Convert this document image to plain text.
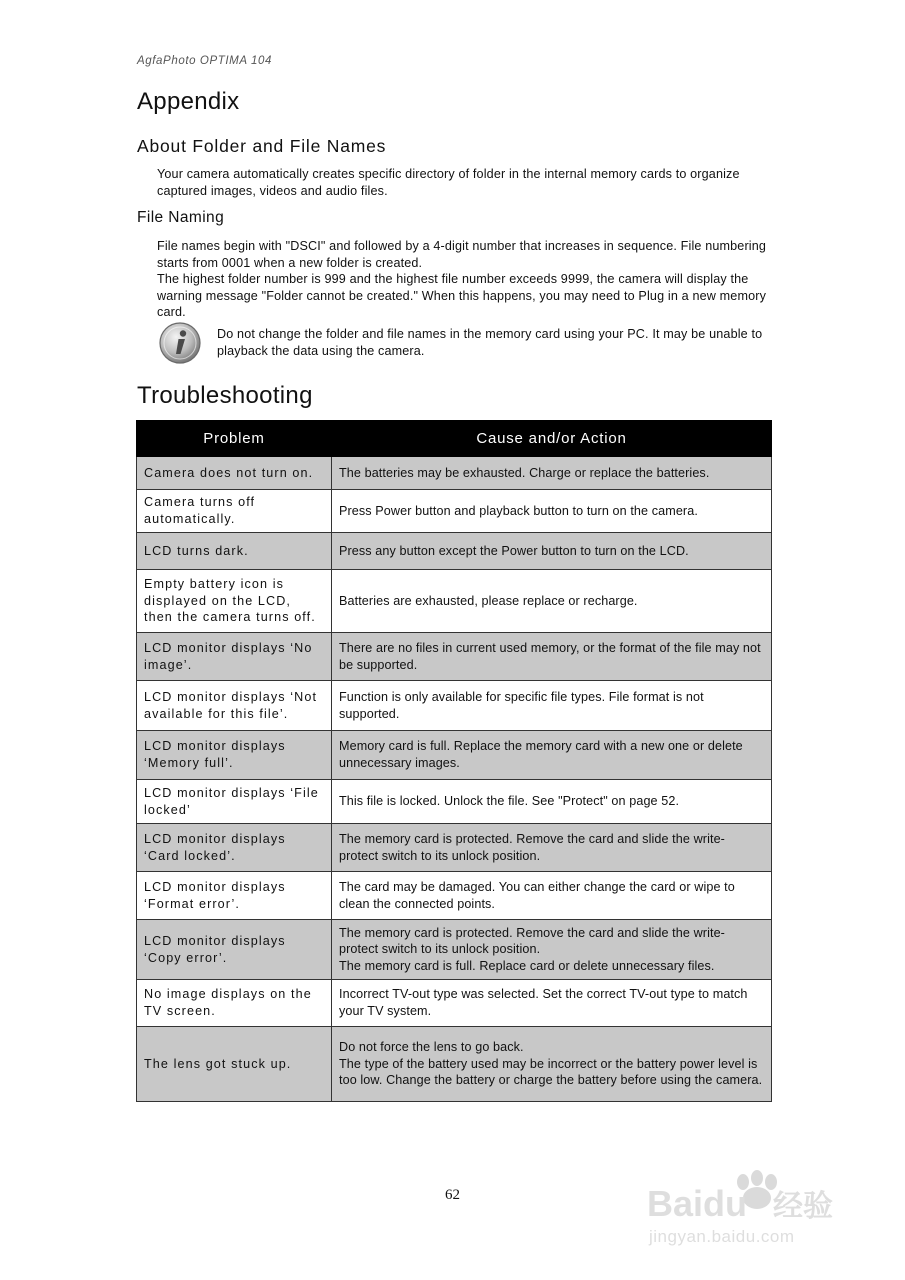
AgfaPhoto OPTIMA 104
Appendix
About Folder and File Names

Your camera automatically creates specific directory of folder in the internal memory cards to organize captured images, videos and audio files.

File Naming

File names begin with "DSCI" and followed by a 4-digit number that increases in sequence. File numbering starts from 0001 when a new folder is created.

The highest folder number is 999 and the highest file number exceeds 9999, the camera will display the warning message "Folder cannot be created." When this happens, you may need to Plug in a new memory card.

Do not change the folder and file names in the memory card using your PC. It may be unable to playback the data using the camera.

Troubleshooting
Problem	Cause and/or Action
Camera does not turn on.	The batteries may be exhausted. Charge or replace the batteries.
Camera turns off automatically.	Press Power button and playback button to turn on the camera.
LCD turns dark.	Press any button except the Power button to turn on the LCD.
Empty battery icon is displayed on the LCD, then the camera turns off.	Batteries are exhausted, please replace or recharge.
LCD monitor displays ‘No image’.	There are no files in current used memory, or the format of the file may not be supported.
LCD monitor displays ‘Not available for this file’.	Function is only available for specific file types. File format is not supported.
LCD monitor displays ‘Memory full’.	Memory card is full. Replace the memory card with a new one or delete unnecessary images.
LCD monitor displays ‘File locked’	This file is locked. Unlock the file. See "Protect" on page 52.
LCD monitor displays ‘Card locked’.	The memory card is protected. Remove the card and slide the write-protect switch to its unlock position.
LCD monitor displays ‘Format error’.	The card may be damaged. You can either change the card or wipe to clean the connected points.
LCD monitor displays ‘Copy error’.	The memory card is protected. Remove the card and slide the write-protect switch to its unlock position.
The memory card is full. Replace card or delete unnecessary files.
No image displays on the TV screen.	Incorrect TV-out type was selected. Set the correct TV-out type to match your TV system.
The lens got stuck up.	Do not force the lens to go back.
The type of the battery used may be incorrect or the battery power level is too low. Change the battery or charge the battery before using the camera.
62	Baidu 经验
jingyan.baidu.com
